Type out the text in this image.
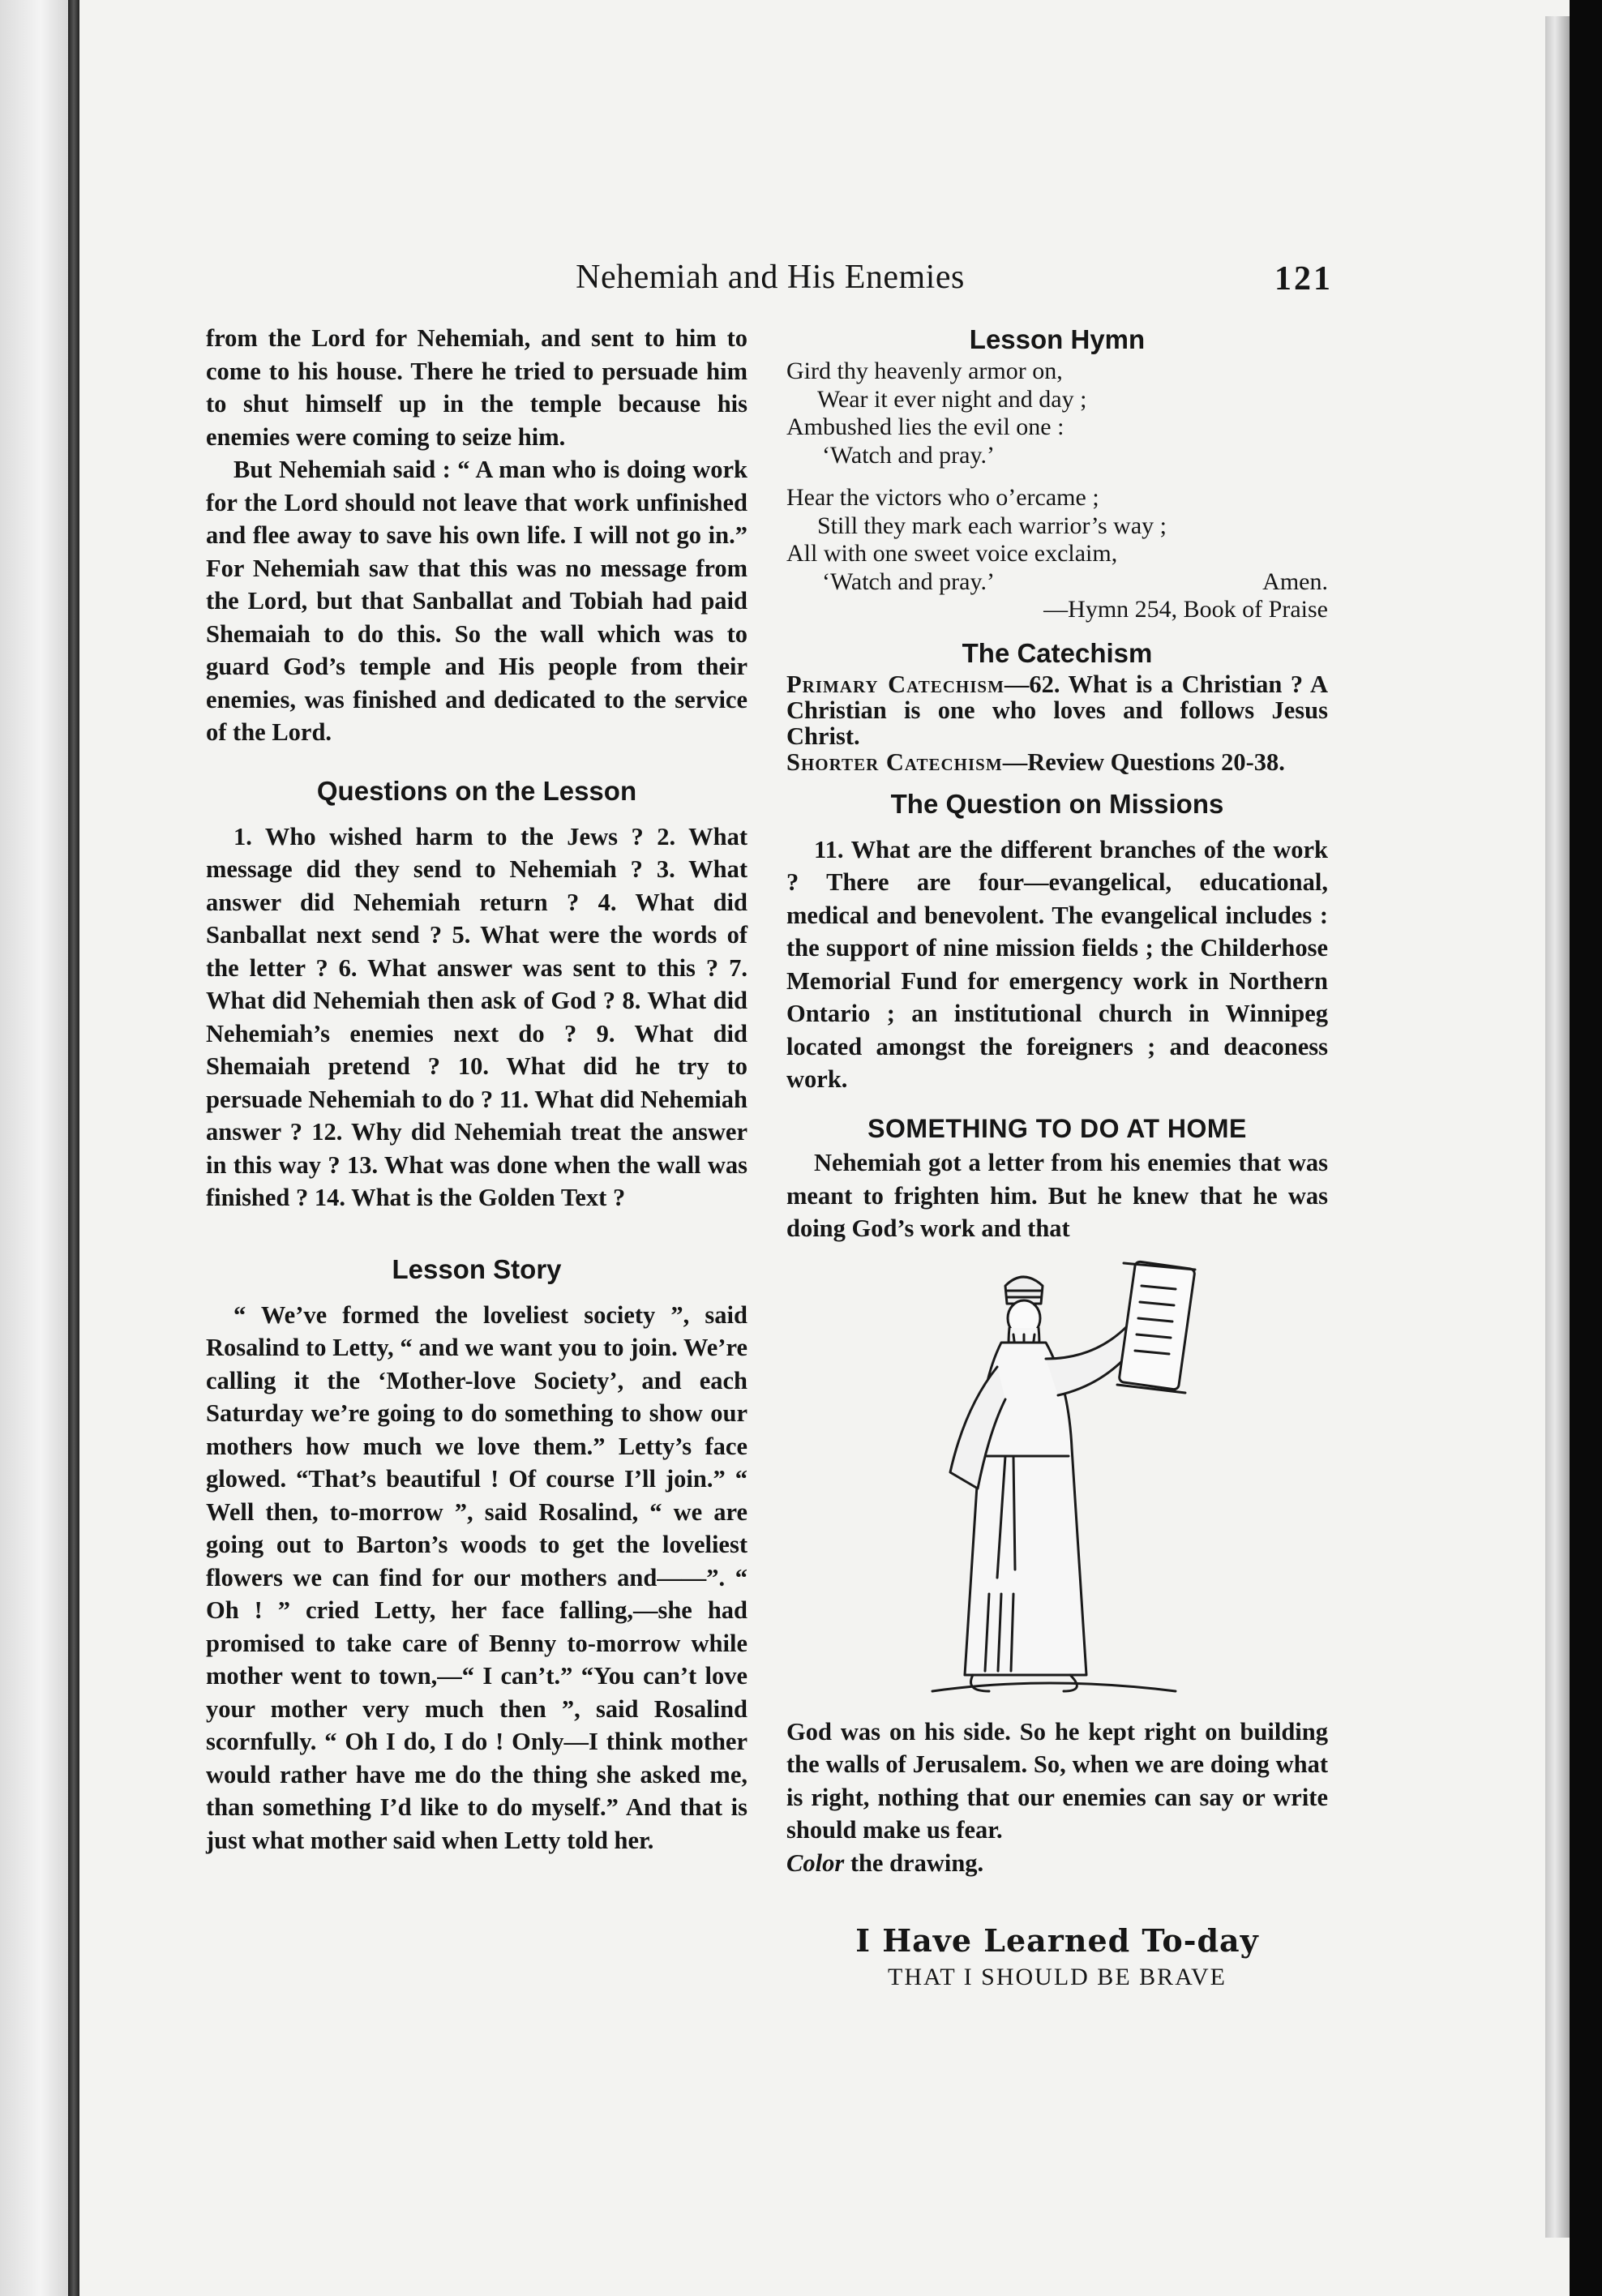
Nehemiah and His Enemies	121

from the Lord for Nehemiah, and sent to him to come to his house. There he tried to persuade him to shut himself up in the temple because his enemies were coming to seize him.

But Nehemiah said : “ A man who is doing work for the Lord should not leave that work unfinished and flee away to save his own life. I will not go in.” For Nehemiah saw that this was no message from the Lord, but that Sanballat and Tobiah had paid Shemaiah to do this. So the wall which was to guard God’s temple and His people from their enemies, was finished and dedicated to the service of the Lord.

Questions on the Lesson

1. Who wished harm to the Jews ? 2. What message did they send to Nehemiah ? 3. What answer did Nehemiah return ? 4. What did Sanballat next send ? 5. What were the words of the letter ? 6. What answer was sent to this ? 7. What did Nehemiah then ask of God ? 8. What did Nehemiah’s enemies next do ? 9. What did Shemaiah pretend ? 10. What did he try to persuade Nehemiah to do ? 11. What did Nehemiah answer ? 12. Why did Nehemiah treat the answer in this way ? 13. What was done when the wall was finished ? 14. What is the Golden Text ?

Lesson Story

“ We’ve formed the loveliest society ”, said Rosalind to Letty, “ and we want you to join. We’re calling it the ‘Mother-love Society’, and each Saturday we’re going to do something to show our mothers how much we love them.” Letty’s face glowed. “That’s beautiful ! Of course I’ll join.” “ Well then, to-morrow ”, said Rosalind, “ we are going out to Barton’s woods to get the loveliest flowers we can find for our mothers and——”. “ Oh ! ” cried Letty, her face falling,—she had promised to take care of Benny to-morrow while mother went to town,—“ I can’t.” “You can’t love your mother very much then ”, said Rosalind scornfully. “ Oh I do, I do ! Only—I think mother would rather have me do the thing she asked me, than something I’d like to do myself.” And that is just what mother said when Letty told her.

Lesson Hymn
Gird thy heavenly armor on,
Wear it ever night and day ;
Ambushed lies the evil one :
‘Watch and pray.’
Hear the victors who o’ercame ;
Still they mark each warrior’s way ;
All with one sweet voice exclaim,
‘Watch and pray.’	Amen.
—Hymn 254, Book of Praise
The Catechism

Primary Catechism—62. What is a Christian ? A Christian is one who loves and follows Jesus Christ.

Shorter Catechism—Review Questions 20-38.

The Question on Missions

11. What are the different branches of the work ? There are four—evangelical, educational, medical and benevolent. The evangelical includes : the support of nine mission fields ; the Childerhose Memorial Fund for emergency work in Northern Ontario ; an institutional church in Winnipeg located amongst the foreigners ; and deaconess work.

SOMETHING TO DO AT HOME

Nehemiah got a letter from his enemies that was meant to frighten him. But he knew that he was doing God’s work and that

God was on his side. So he kept right on building the walls of Jerusalem. So, when we are doing what is right, nothing that our enemies can say or write should make us fear.
Color the drawing.

I Have Learned To-day
THAT I SHOULD BE BRAVE
